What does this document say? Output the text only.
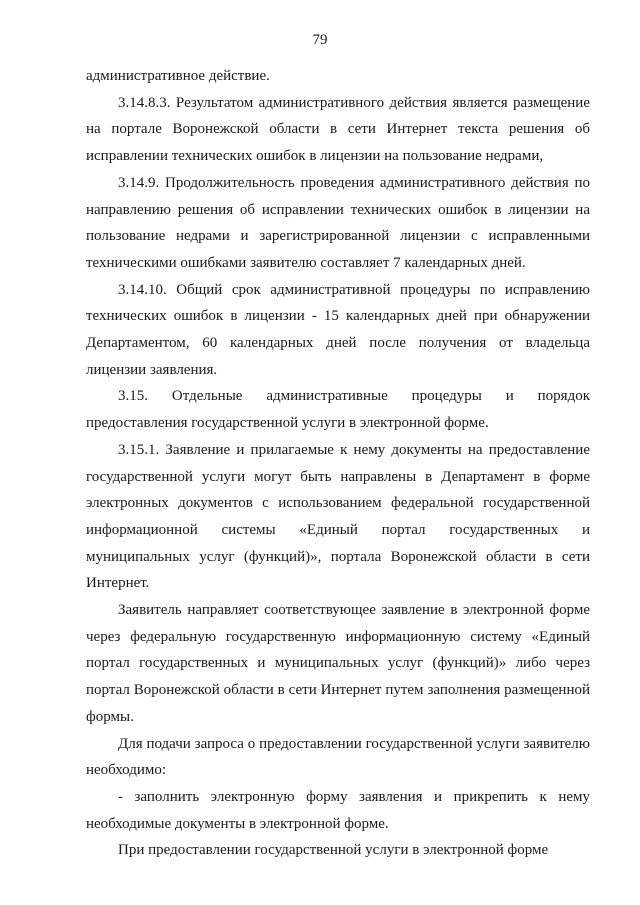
79

административное действие.

3.14.8.3. Результатом административного действия является размещение на портале Воронежской области в сети Интернет текста решения об исправлении технических ошибок в лицензии на пользование недрами,

3.14.9. Продолжительность проведения административного действия по направлению решения об исправлении технических ошибок в лицензии на пользование недрами и зарегистрированной лицензии с исправленными техническими ошибками заявителю составляет 7 календарных дней.

3.14.10. Общий срок административной процедуры по исправлению технических ошибок в лицензии - 15 календарных дней при обнаружении Департаментом, 60 календарных дней после получения от владельца лицензии заявления.

3.15. Отдельные административные процедуры и порядок предоставления государственной услуги в электронной форме.

3.15.1. Заявление и прилагаемые к нему документы на предоставление государственной услуги могут быть направлены в Департамент в форме электронных документов с использованием федеральной государственной информационной системы «Единый портал государственных и муниципальных услуг (функций)», портала Воронежской области в сети Интернет.

Заявитель направляет соответствующее заявление в электронной форме через федеральную государственную информационную систему «Единый портал государственных и муниципальных услуг (функций)» либо через портал Воронежской области в сети Интернет путем заполнения размещенной формы.

Для подачи запроса о предоставлении государственной услуги заявителю необходимо:

- заполнить электронную форму заявления и прикрепить к нему необходимые документы в электронной форме.

При предоставлении государственной услуги в электронной форме
